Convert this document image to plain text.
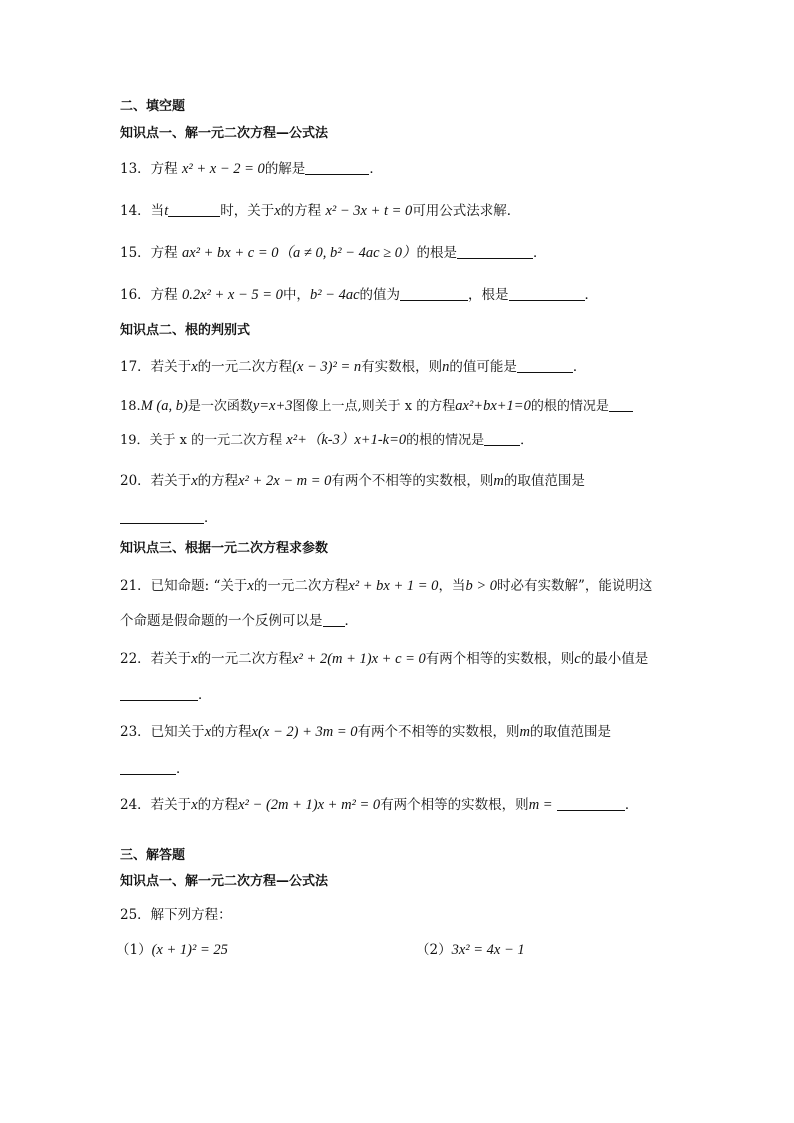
二、填空题
知识点一、解一元二次方程—公式法
13．方程 x² + x − 2 = 0的解是	．
14．当t	时，关于x的方程 x² − 3x + t = 0可用公式法求解．
15．方程 ax² + bx + c = 0（a ≠ 0, b² − 4ac ≥ 0）的根是	．
16．方程 0.2x² + x − 5 = 0中，b² − 4ac的值为	，根是	．
知识点二、根的判别式
17．若关于x的一元二次方程(x − 3)² = n有实数根，则n的值可能是	．
18.M (a, b)是一次函数y=x+3图像上一点,则关于 x 的方程ax²+bx+1=0的根的情况是
19．关于 x 的一元二次方程 x²+（k-3）x+1-k=0的根的情况是	．
20．若关于x的方程x² + 2x − m = 0有两个不相等的实数根，则m的取值范围是
．
知识点三、根据一元二次方程求参数
21．已知命题: “关于x的一元二次方程x² + bx + 1 = 0，当b > 0时必有实数解”，能说明这
个命题是假命题的一个反例可以是 ．
22．若关于x的一元二次方程x² + 2(m + 1)x + c = 0有两个相等的实数根，则c的最小值是
．
23．已知关于x的方程x(x − 2) + 3m = 0有两个不相等的实数根，则m的取值范围是
．
24．若关于x的方程x² − (2m + 1)x + m² = 0有两个相等的实数根，则m =	．
三、解答题
知识点一、解一元二次方程—公式法
25．解下列方程：
（1）(x + 1)² = 25	（2）3x² = 4x − 1
